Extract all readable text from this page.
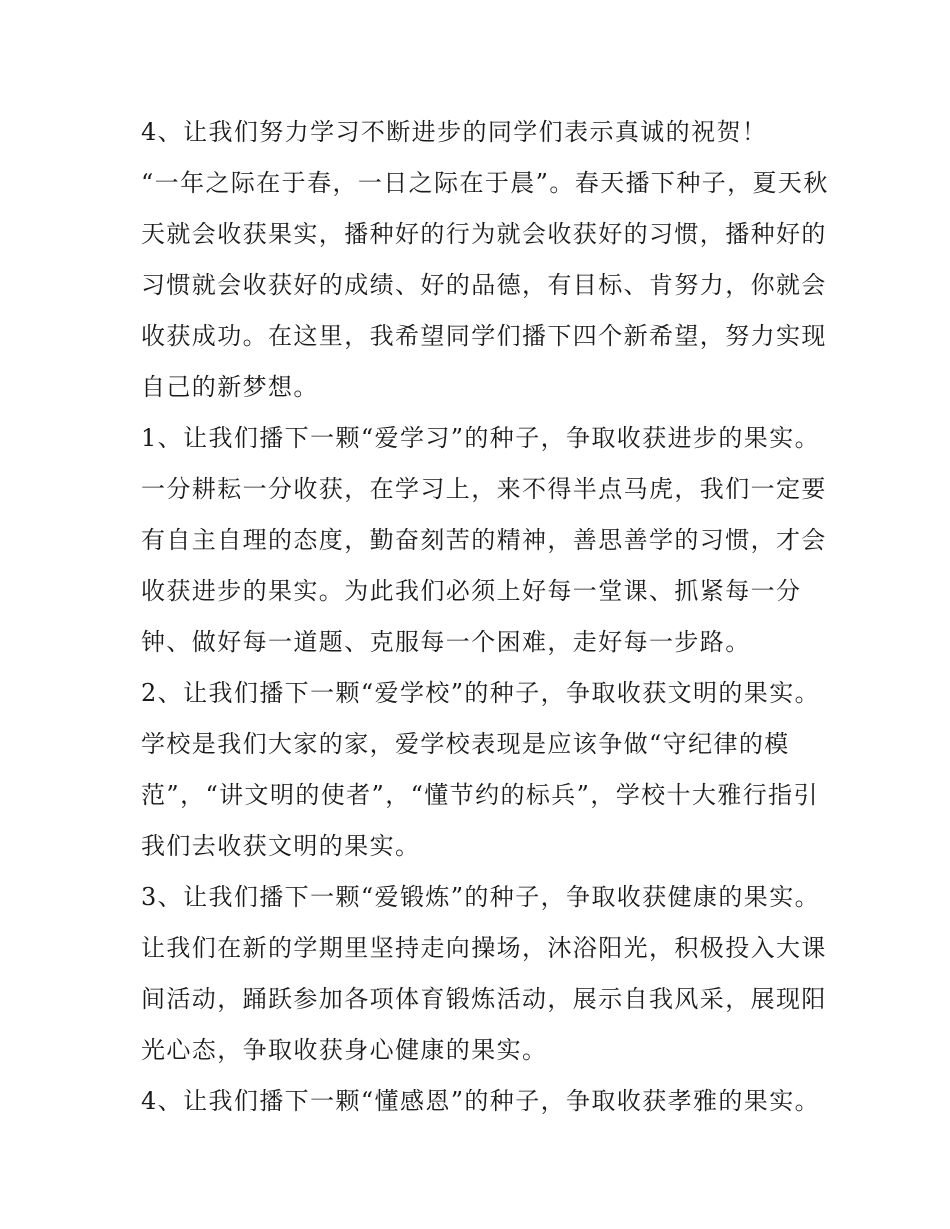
4、让我们努力学习不断进步的同学们表示真诚的祝贺！
“一年之际在于春，一日之际在于晨”。春天播下种子，夏天秋
天就会收获果实，播种好的行为就会收获好的习惯，播种好的
习惯就会收获好的成绩、好的品德，有目标、肯努力，你就会
收获成功。在这里，我希望同学们播下四个新希望，努力实现
自己的新梦想。
1、让我们播下一颗“爱学习”的种子，争取收获进步的果实。
一分耕耘一分收获，在学习上，来不得半点马虎，我们一定要
有自主自理的态度，勤奋刻苦的精神，善思善学的习惯，才会
收获进步的果实。为此我们必须上好每一堂课、抓紧每一分
钟、做好每一道题、克服每一个困难，走好每一步路。
2、让我们播下一颗“爱学校”的种子，争取收获文明的果实。
学校是我们大家的家，爱学校表现是应该争做“守纪律的模
范”，“讲文明的使者”，“懂节约的标兵”，学校十大雅行指引
我们去收获文明的果实。
3、让我们播下一颗“爱锻炼”的种子，争取收获健康的果实。
让我们在新的学期里坚持走向操场，沐浴阳光，积极投入大课
间活动，踊跃参加各项体育锻炼活动，展示自我风采，展现阳
光心态，争取收获身心健康的果实。
4、让我们播下一颗“懂感恩”的种子，争取收获孝雅的果实。
